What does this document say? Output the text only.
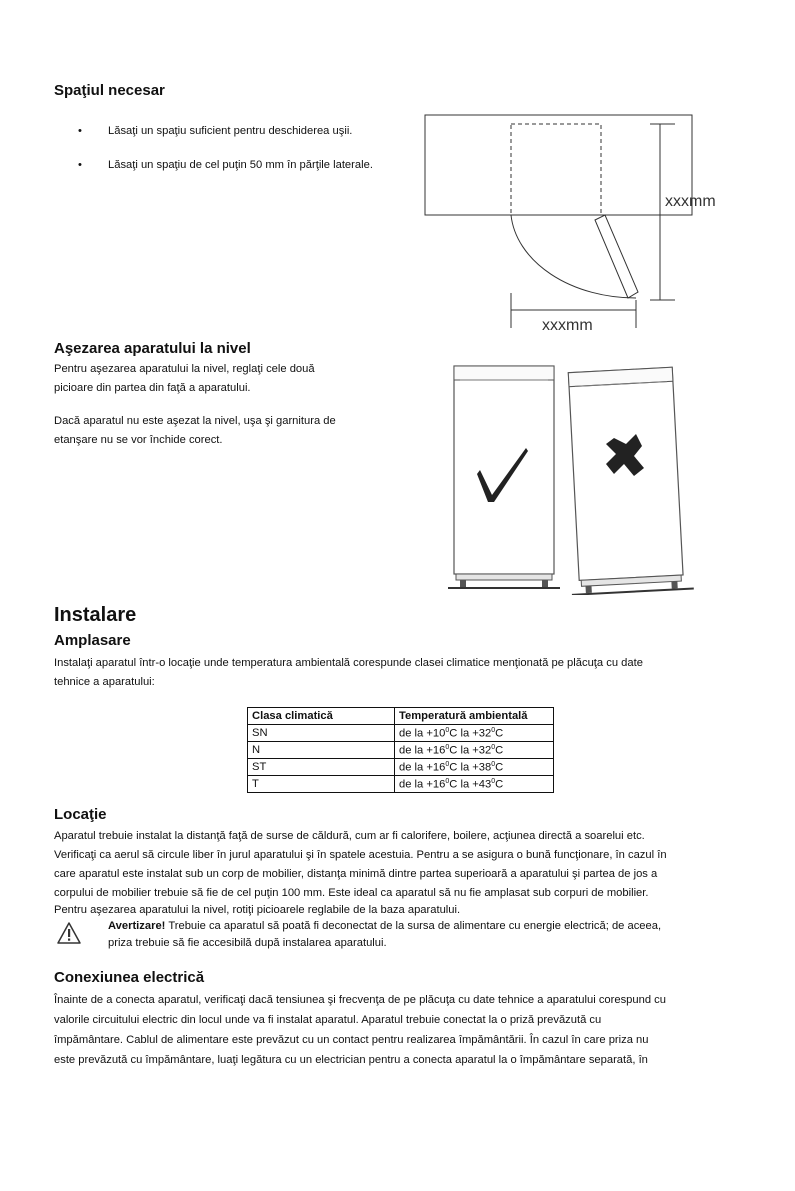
Spaţiul necesar
• Lăsaţi un spaţiu suficient pentru deschiderea uşii.
• Lăsaţi un spaţiu de cel puţin 50 mm în părţile laterale.
xxxmm
xxxmm
Aşezarea aparatului la nivel
Pentru aşezarea aparatului la nivel, reglaţi cele două
picioare din partea din faţă a aparatului.
Dacă aparatul nu este aşezat la nivel, uşa şi garnitura de
etanşare nu se vor închide corect.
Instalare
Amplasare
Instalaţi aparatul într-o locaţie unde temperatura ambientală corespunde clasei climatice menţionată pe plăcuţa cu date
tehnice a aparatului:
Clasa climatică	Temperatură ambientală
SN	de la $+10^0C$ la $+32^0C$
N	de la $+16^0C$ la $+32^0C$
ST	de la $+16^0C$ la $+38^0C$
T	de la $+16^0C$ la $+43^0C$
Locaţie
Aparatul trebuie instalat la distanţă faţă de surse de căldură, cum ar fi calorifere, boilere, acţiunea directă a soarelui etc.
Verificaţi ca aerul să circule liber în jurul aparatului şi în spatele acestuia. Pentru a se asigura o bună funcţionare, în cazul în
care aparatul este instalat sub un corp de mobilier, distanţa minimă dintre partea superioară a aparatului şi partea de jos a
corpului de mobilier trebuie să fie de cel puţin 100 mm. Este ideal ca aparatul să nu fie amplasat sub corpuri de mobilier.
Pentru aşezarea aparatului la nivel, rotiţi picioarele reglabile de la baza aparatului.
Avertizare! Trebuie ca aparatul să poată fi deconectat de la sursa de alimentare cu energie electrică; de aceea,
priza trebuie să fie accesibilă după instalarea aparatului.
Conexiunea electrică
Înainte de a conecta aparatul, verificaţi dacă tensiunea şi frecvenţa de pe plăcuţa cu date tehnice a aparatului corespund cu
valorile circuitului electric din locul unde va fi instalat aparatul. Aparatul trebuie conectat la o priză prevăzută cu
împământare. Cablul de alimentare este prevăzut cu un contact pentru realizarea împământării. În cazul în care priza nu
este prevăzută cu împământare, luaţi legătura cu un electrician pentru a conecta aparatul la o împământare separată, în
